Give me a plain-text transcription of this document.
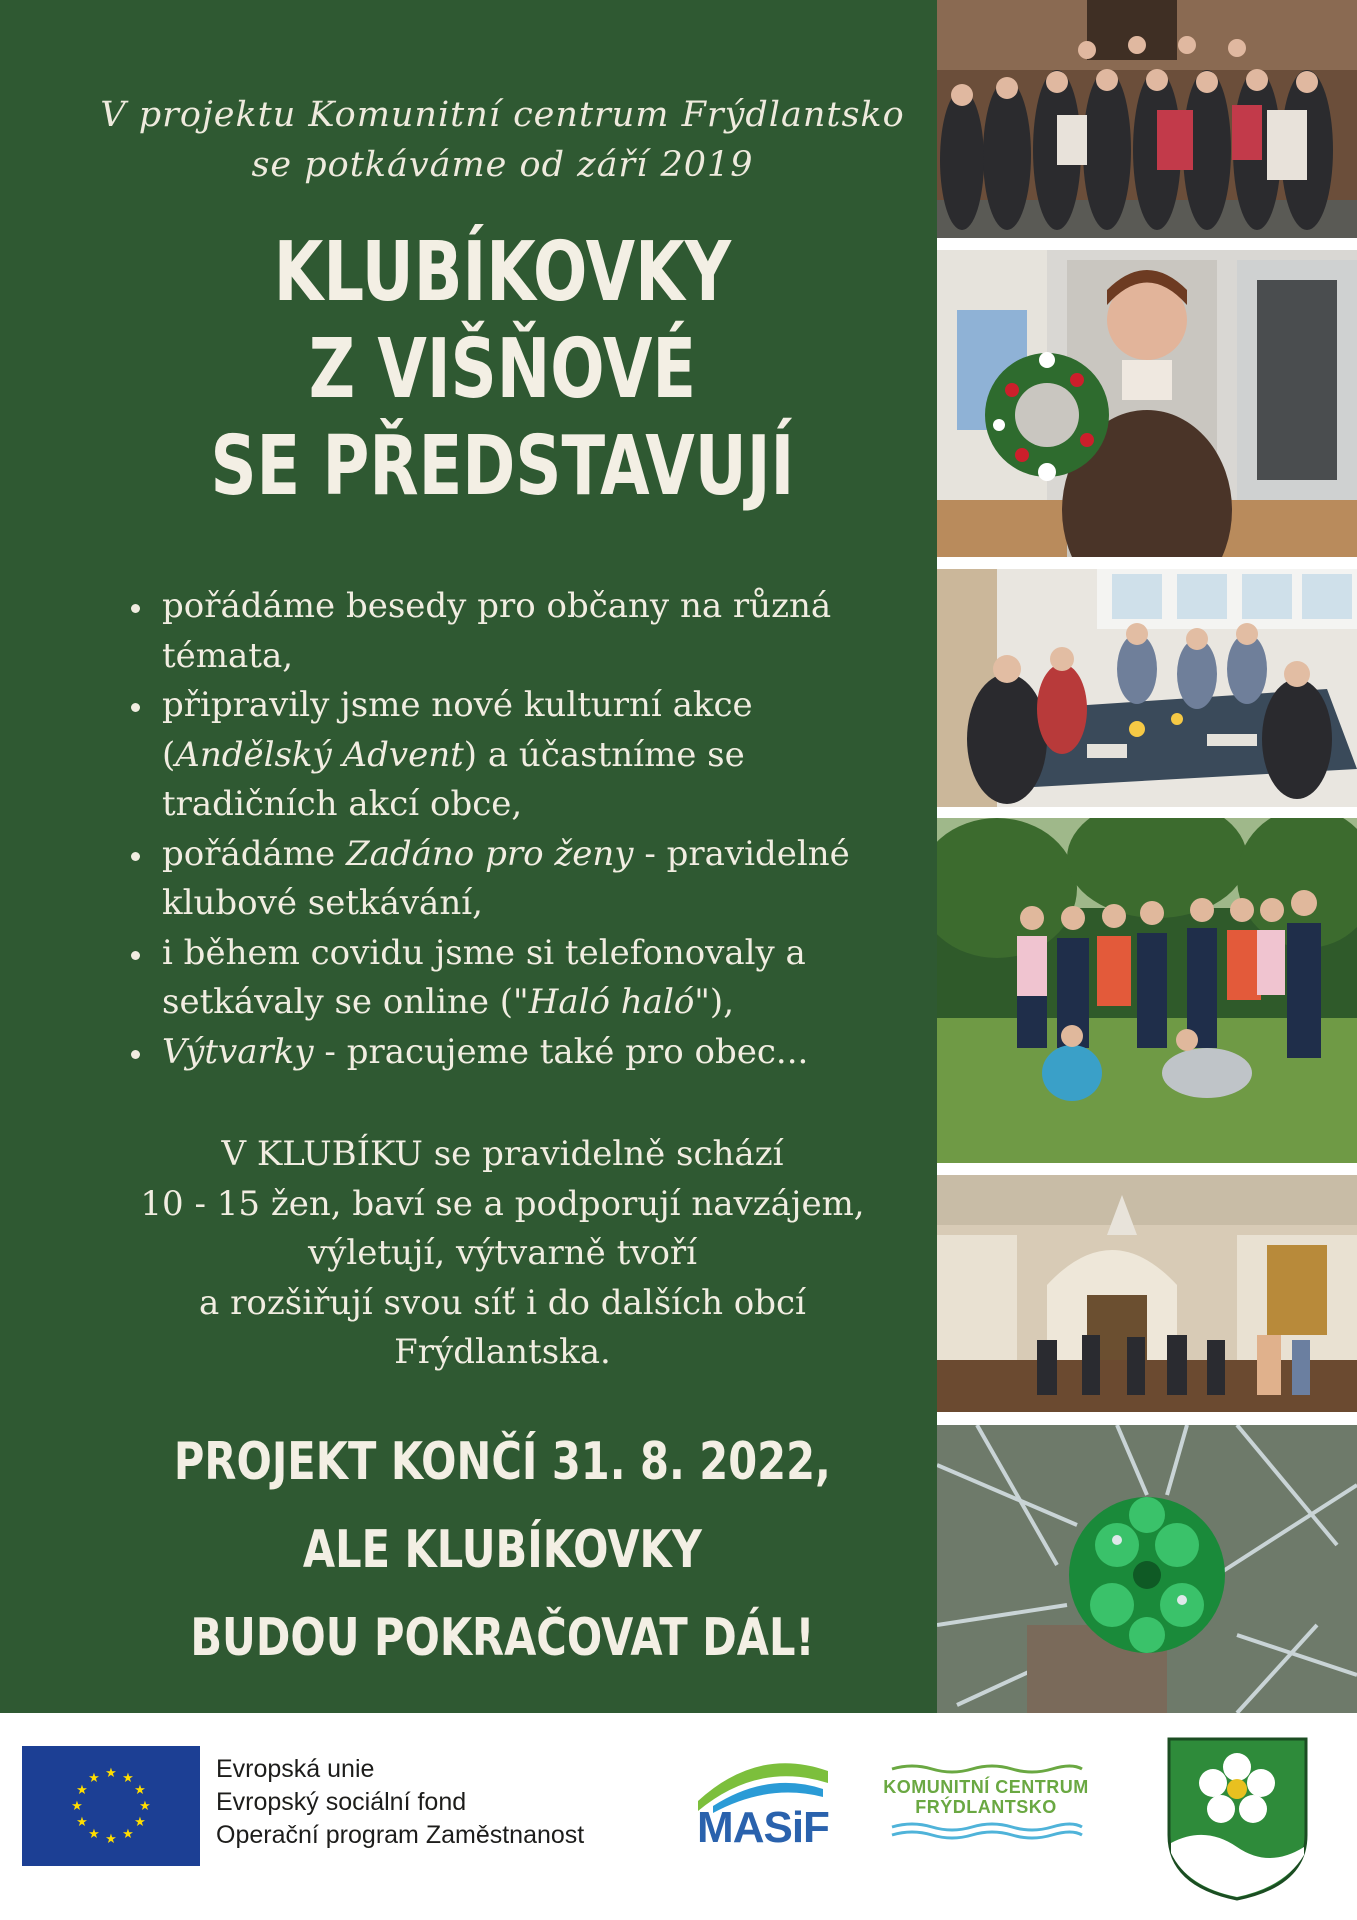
V projektu Komunitní centrum Frýdlantsko
se potkáváme od září 2019
KLUBÍKOVKY
Z VIŠŇOVÉ
SE PŘEDSTAVUJÍ
pořádáme besedy pro občany na různá
témata,
připravily jsme nové kulturní akce
(Andělský Advent) a účastníme se
tradičních akcí obce,
pořádáme Zadáno pro ženy - pravidelné
klubové setkávání,
i během covidu jsme si telefonovaly a
setkávaly se online ("Haló haló"),
Výtvarky - pracujeme také pro obec...
V KLUBÍKU se pravidelně schází
10 - 15 žen, baví se a podporují navzájem,
výletují, výtvarně tvoří
a rozšiřují svou síť i do dalších obcí
Frýdlantska.
PROJEKT KONČÍ 31. 8. 2022,
ALE KLUBÍKOVKY
BUDOU POKRAČOVAT DÁL!
★ ★
★
★
★
★
★
★
★
★
★
★	Evropská unie
Evropský sociální fond
Operační program Zaměstnanost	MASiF
KOMUNITNÍ CENTRUM
FRÝDLANTSKO
